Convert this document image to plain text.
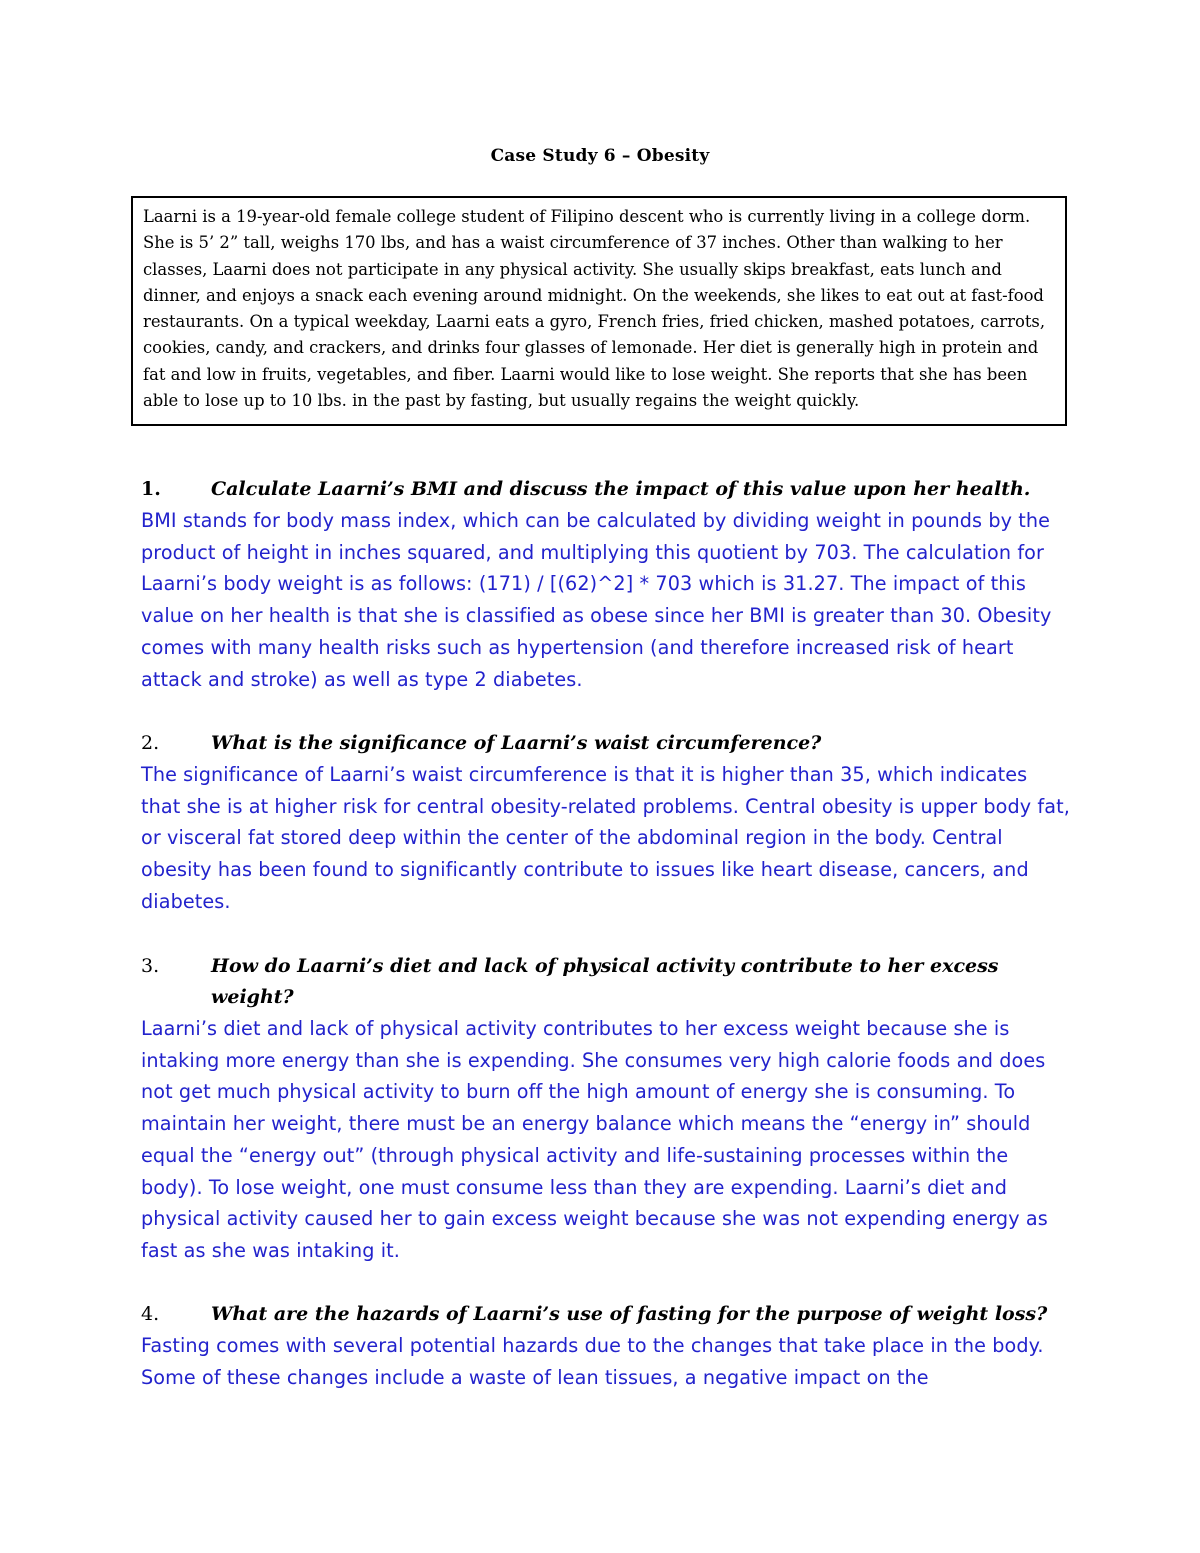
Case Study 6 – Obesity
Laarni is a 19-year-old female college student of Filipino descent who is currently living in a college dorm. She is 5’ 2” tall, weighs 170 lbs, and has a waist circumference of 37 inches. Other than walking to her classes, Laarni does not participate in any physical activity. She usually skips breakfast, eats lunch and dinner, and enjoys a snack each evening around midnight. On the weekends, she likes to eat out at fast-food restaurants. On a typical weekday, Laarni eats a gyro, French fries, fried chicken, mashed potatoes, carrots, cookies, candy, and crackers, and drinks four glasses of lemonade. Her diet is generally high in protein and fat and low in fruits, vegetables, and fiber. Laarni would like to lose weight. She reports that she has been able to lose up to 10 lbs. in the past by fasting, but usually regains the weight quickly.
1.	Calculate Laarni’s BMI and discuss the impact of this value upon her health.
BMI stands for body mass index, which can be calculated by dividing weight in pounds by the product of height in inches squared, and multiplying this quotient by 703. The calculation for Laarni’s body weight is as follows: (171) / [(62)^2] * 703 which is 31.27. The impact of this value on her health is that she is classified as obese since her BMI is greater than 30. Obesity comes with many health risks such as hypertension (and therefore increased risk of heart attack and stroke) as well as type 2 diabetes.
2.	What is the significance of Laarni’s waist circumference?
The significance of Laarni’s waist circumference is that it is higher than 35, which indicates that she is at higher risk for central obesity-related problems. Central obesity is upper body fat, or visceral fat stored deep within the center of the abdominal region in the body. Central obesity has been found to significantly contribute to issues like heart disease, cancers, and diabetes.
3.	How do Laarni’s diet and lack of physical activity contribute to her excess weight?
Laarni’s diet and lack of physical activity contributes to her excess weight because she is intaking more energy than she is expending. She consumes very high calorie foods and does not get much physical activity to burn off the high amount of energy she is consuming. To maintain her weight, there must be an energy balance which means the “energy in” should equal the “energy out” (through physical activity and life-sustaining processes within the body). To lose weight, one must consume less than they are expending. Laarni’s diet and physical activity caused her to gain excess weight because she was not expending energy as fast as she was intaking it.
4.	What are the hazards of Laarni’s use of fasting for the purpose of weight loss?
Fasting comes with several potential hazards due to the changes that take place in the body. Some of these changes include a waste of lean tissues, a negative impact on the
